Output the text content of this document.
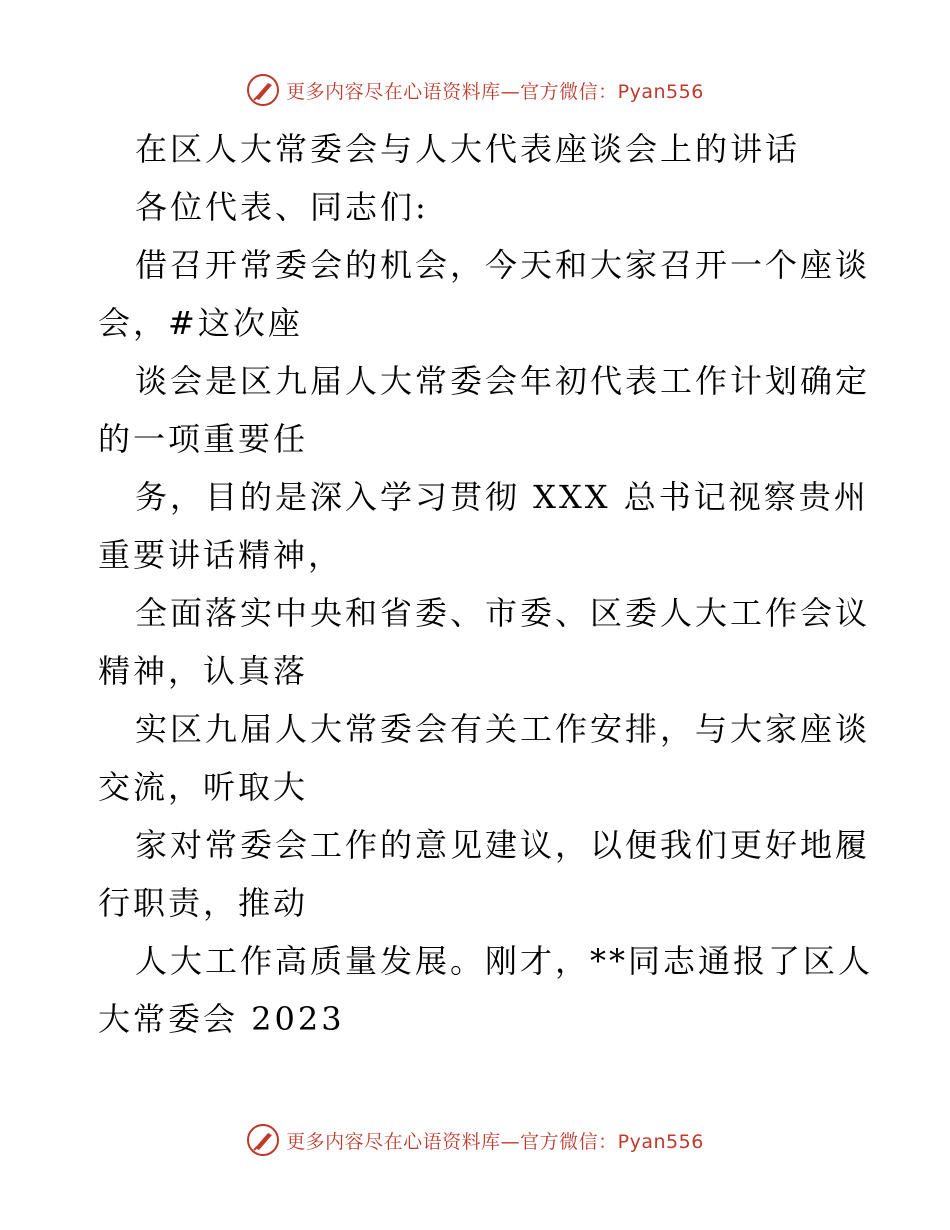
更多内容尽在心语资料库—官方微信：Pyan556
在区人大常委会与人大代表座谈会上的讲话
各位代表、同志们:
借召开常委会的机会，今天和大家召开一个座谈
会，#这次座
谈会是区九届人大常委会年初代表工作计划确定
的一项重要任
务，目的是深入学习贯彻 XXX 总书记视察贵州
重要讲话精神，
全面落实中央和省委、市委、区委人大工作会议
精神，认真落
实区九届人大常委会有关工作安排，与大家座谈
交流，听取大
家对常委会工作的意见建议，以便我们更好地履
行职责，推动
人大工作高质量发展。刚才，**同志通报了区人
大常委会 2023
更多内容尽在心语资料库—官方微信：Pyan556
